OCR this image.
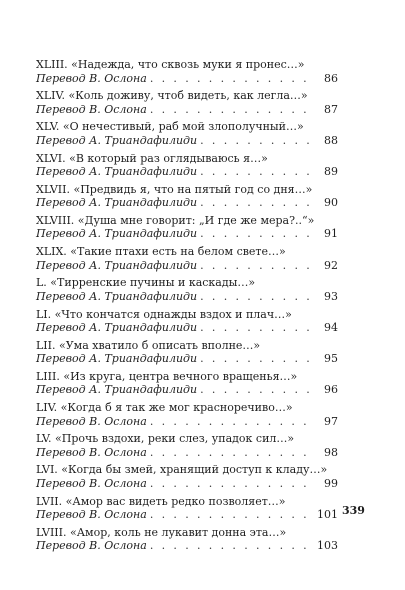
XLIII. «Надежда, что сквозь муки я пронес…»
Перевод В. Ослона . . .	86
XLIV. «Коль доживу, чтоб видеть, как легла…»
Перевод В. Ослона . . .	87
XLV. «О нечестивый, раб мой злополучный…»
Перевод А. Триандафилиди . . .	88
XLVI. «В который раз оглядываюсь я…»
Перевод А. Триандафилиди . . .	89
XLVII. «Предвидь я, что на пятый год со дня…»
Перевод А. Триандафилиди . . .	90
XLVIII. «Душа мне говорит: „И где же мера?..“»
Перевод А. Триандафилиди . . .	91
XLIX. «Такие птахи есть на белом свете…»
Перевод А. Триандафилиди . . .	92
L. «Тирренские пучины и каскады…»
Перевод А. Триандафилиди . . .	93
LI. «Что кончатся однажды вздох и плач…»
Перевод А. Триандафилиди . . .	94
LII. «Ума хватило б описать вполне…»
Перевод А. Триандафилиди . . .	95
LIII. «Из круга, центра вечного вращенья…»
Перевод А. Триандафилиди . . .	96
LIV. «Когда б я так же мог красноречиво…»
Перевод В. Ослона . . .	97
LV. «Прочь вздохи, реки слез, упадок сил…»
Перевод В. Ослона . . .	98
LVI. «Когда бы змей, хранящий доступ к кладу…»
Перевод В. Ослона . . .	99
LVII. «Амор вас видеть редко позволяет…»
Перевод В. Ослона . . .	101
LVIII. «Амор, коль не лукавит донна эта…»
Перевод В. Ослона . . .	103
339
